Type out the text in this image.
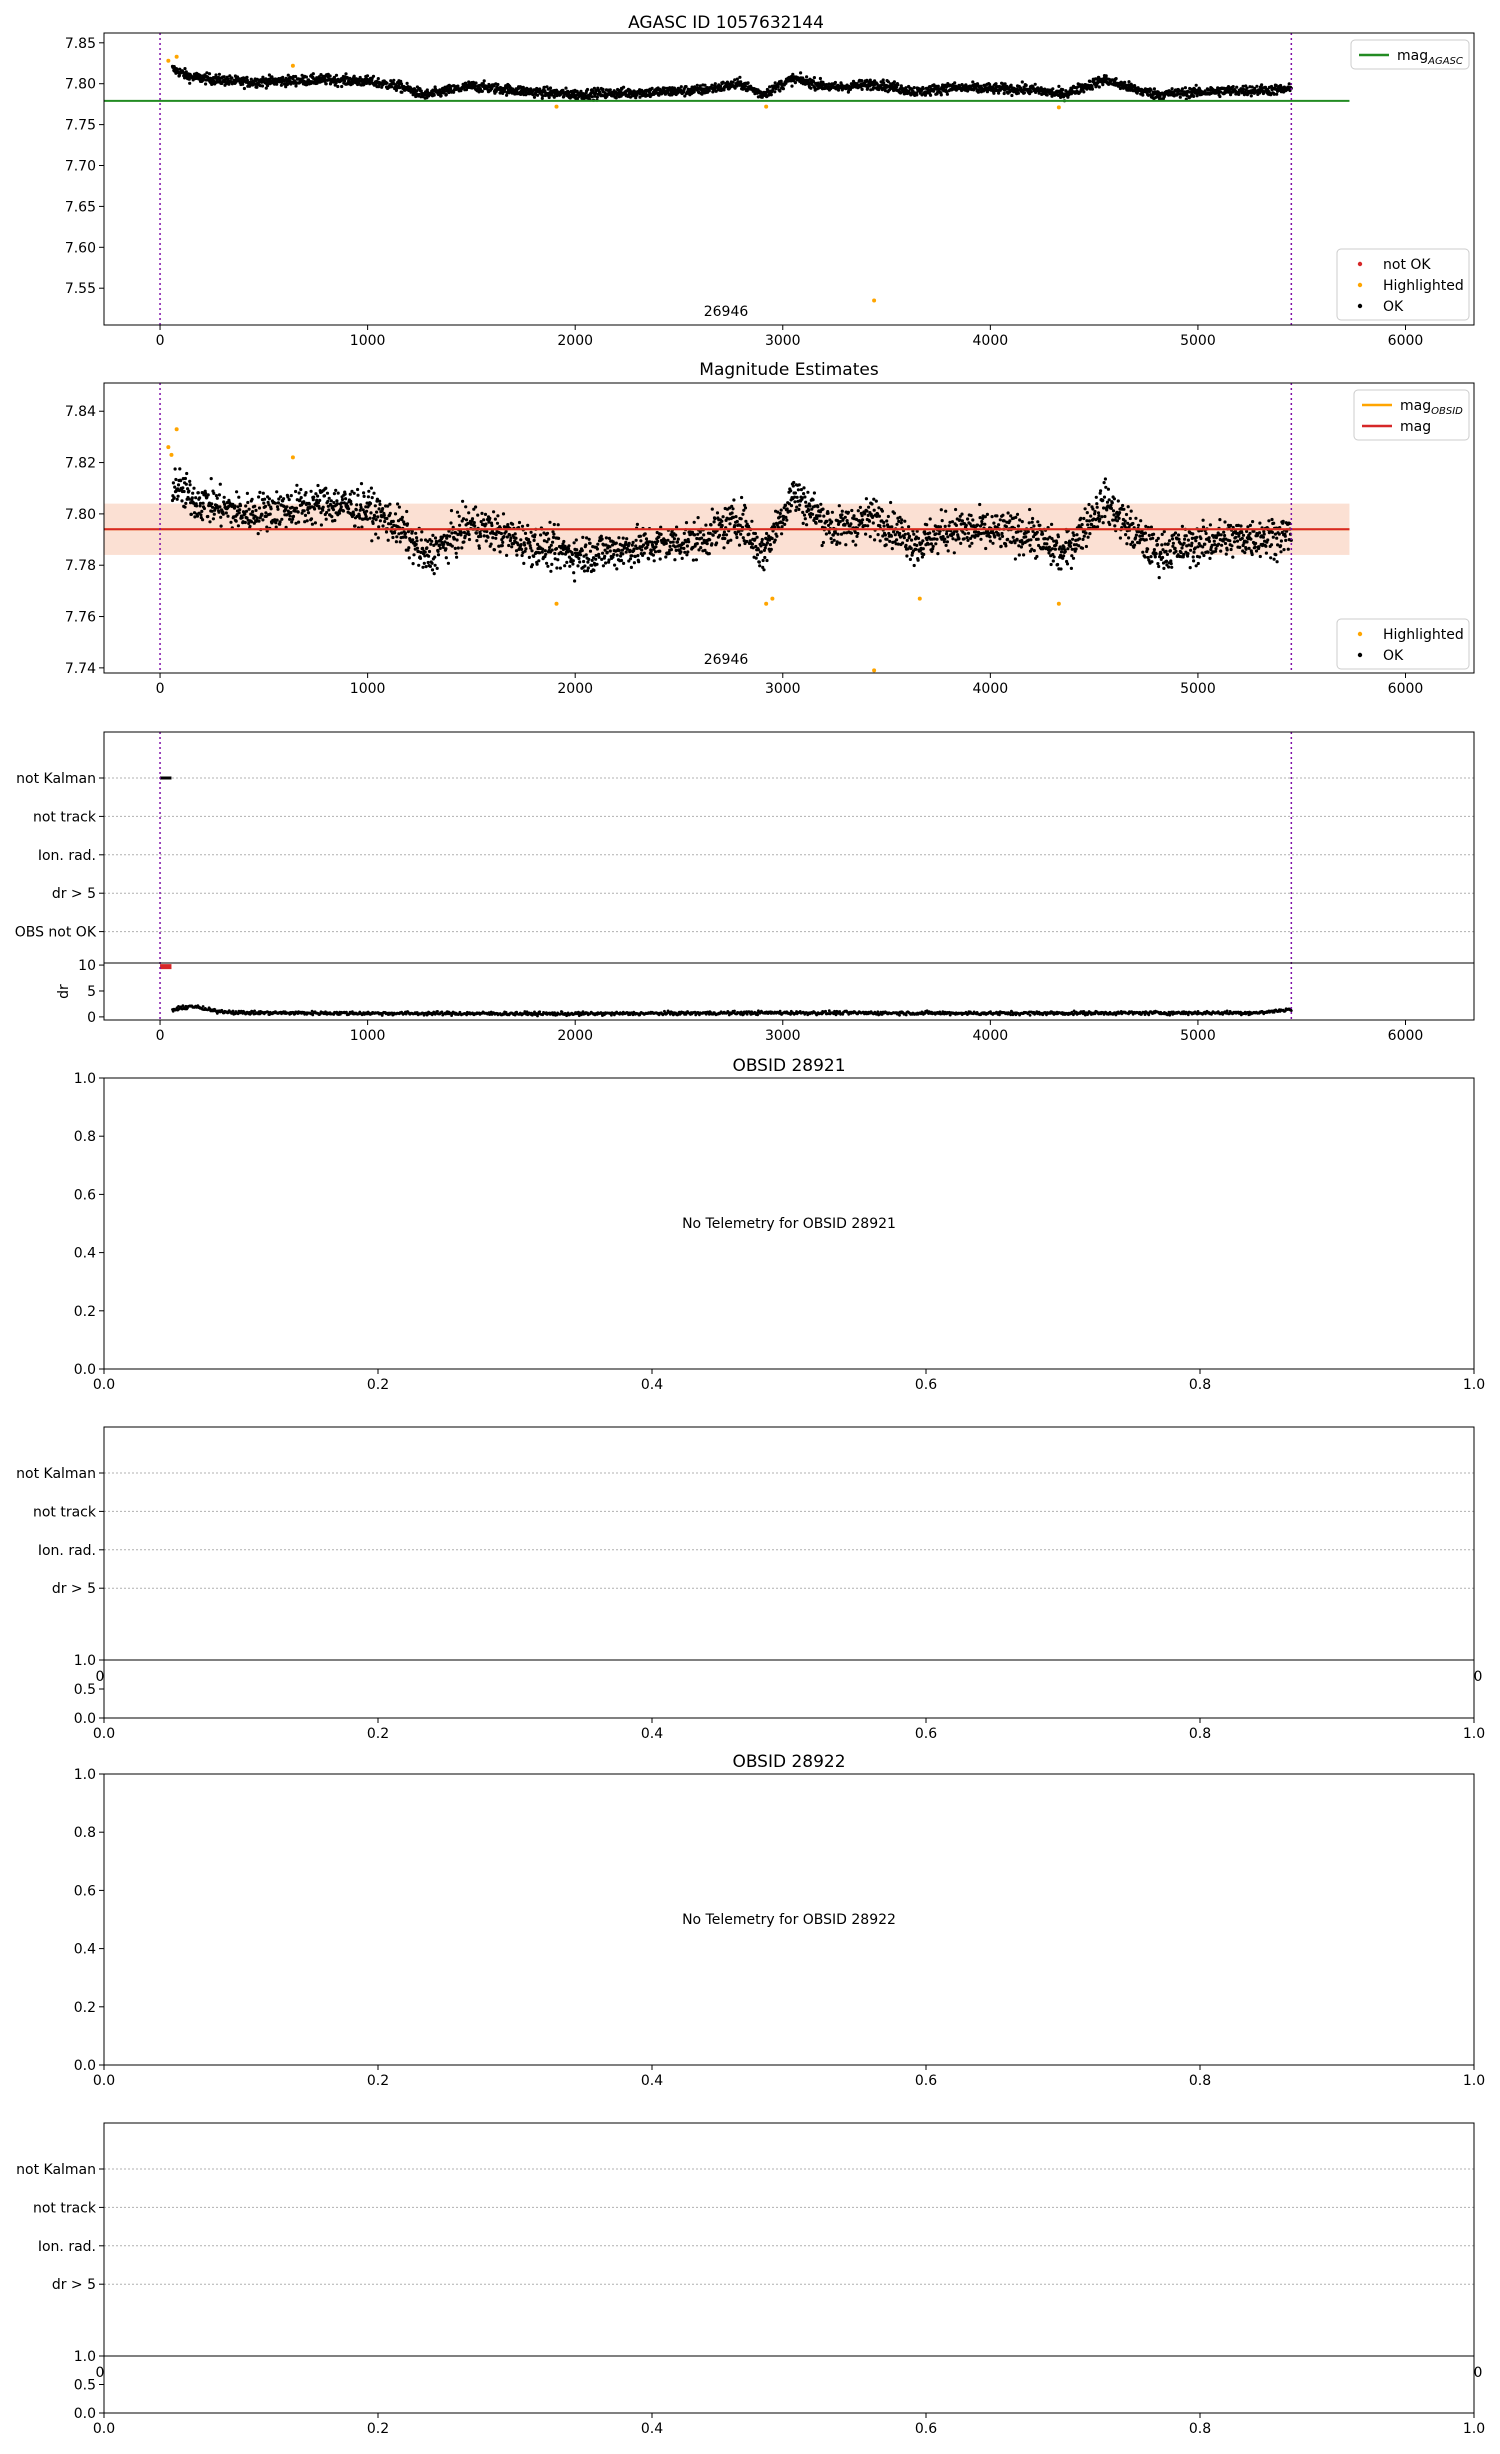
0	1000	2000	3000	4000	5000	6000
7.55
7.60
7.65
7.70
7.75
7.80
7.85
0	1000	2000	3000	4000	5000	6000
7.74
7.76
7.78
7.80
7.82
7.84
not Kalman
not track
Ion. rad.
dr > 5
OBS not OK
dr
0
5
10
0	1000	2000	3000	4000	5000	6000
0.0	0.2	0.4	0.6	0.8	1.0
0.0
0.2
0.4
0.6
0.8
1.0
not Kalman
not track
Ion. rad.
dr > 5
0.0
0.5
1.0
0.0	0.2	0.4	0.6	0.8	1.0
0	0
0.0	0.2	0.4	0.6	0.8	1.0
0.0
0.2
0.4
0.6
0.8
1.0
not Kalman
not track
Ion. rad.
dr > 5
0.0
0.5
1.0
0.0	0.2	0.4	0.6	0.8	1.0
0	0
mag$_{AGASC}$
not OK
Highlighted
OK
mag$_{OBSID}$
mag
Highlighted
OK
AGASC ID 1057632144
26946
Magnitude Estimates
26946
OBSID 28921
No Telemetry for OBSID 28921
OBSID 28922
No Telemetry for OBSID 28922
